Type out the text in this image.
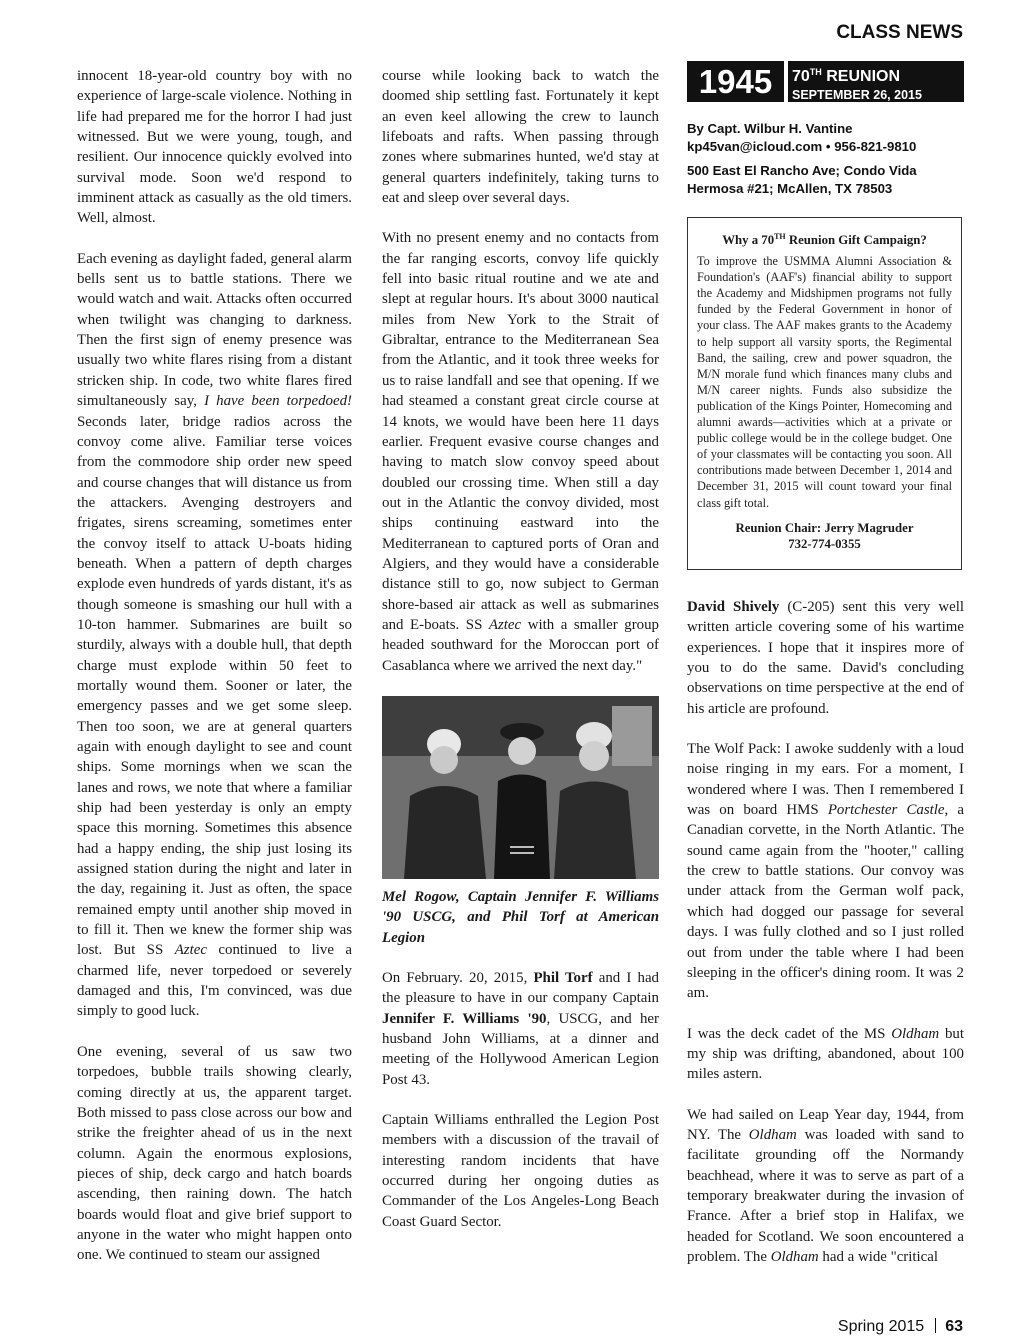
CLASS NEWS

innocent 18-year-old country boy with no experience of large-scale violence. Nothing in life had prepared me for the horror I had just witnessed. But we were young, tough, and resilient. Our innocence quickly evolved into survival mode. Soon we'd respond to imminent attack as casually as the old timers. Well, almost.

Each evening as daylight faded, general alarm bells sent us to battle stations. There we would watch and wait. Attacks often occurred when twilight was changing to darkness. Then the first sign of enemy presence was usually two white flares rising from a distant stricken ship. In code, two white flares fired simultaneously say, I have been torpedoed! Seconds later, bridge radios across the convoy come alive. Familiar terse voices from the commodore ship order new speed and course changes that will distance us from the attackers. Avenging destroyers and frigates, sirens screaming, sometimes enter the convoy itself to attack U-boats hiding beneath. When a pattern of depth charges explode even hundreds of yards distant, it's as though someone is smashing our hull with a 10-ton hammer. Submarines are built so sturdily, always with a double hull, that depth charge must explode within 50 feet to mortally wound them. Sooner or later, the emergency passes and we get some sleep. Then too soon, we are at general quarters again with enough daylight to see and count ships. Some mornings when we scan the lanes and rows, we note that where a familiar ship had been yesterday is only an empty space this morning. Sometimes this absence had a happy ending, the ship just losing its assigned station during the night and later in the day, regaining it. Just as often, the space remained empty until another ship moved in to fill it. Then we knew the former ship was lost. But SS Aztec continued to live a charmed life, never torpedoed or severely damaged and this, I'm convinced, was due simply to good luck.

One evening, several of us saw two torpedoes, bubble trails showing clearly, coming directly at us, the apparent target. Both missed to pass close across our bow and strike the freighter ahead of us in the next column. Again the enormous explosions, pieces of ship, deck cargo and hatch boards ascending, then raining down. The hatch boards would float and give brief support to anyone in the water who might happen onto one. We continued to steam our assigned

course while looking back to watch the doomed ship settling fast. Fortunately it kept an even keel allowing the crew to launch lifeboats and rafts. When passing through zones where submarines hunted, we'd stay at general quarters indefinitely, taking turns to eat and sleep over several days.

With no present enemy and no contacts from the far ranging escorts, convoy life quickly fell into basic ritual routine and we ate and slept at regular hours. It's about 3000 nautical miles from New York to the Strait of Gibraltar, entrance to the Mediterranean Sea from the Atlantic, and it took three weeks for us to raise landfall and see that opening. If we had steamed a constant great circle course at 14 knots, we would have been here 11 days earlier. Frequent evasive course changes and having to match slow convoy speed about doubled our crossing time. When still a day out in the Atlantic the convoy divided, most ships continuing eastward into the Mediterranean to captured ports of Oran and Algiers, and they would have a considerable distance still to go, now subject to German shore-based air attack as well as submarines and E-boats. SS Aztec with a smaller group headed southward for the Moroccan port of Casablanca where we arrived the next day."

Mel Rogow, Captain Jennifer F. Williams '90 USCG, and Phil Torf at American Legion

On February. 20, 2015, Phil Torf and I had the pleasure to have in our company Captain Jennifer F. Williams '90, USCG, and her husband John Williams, at a dinner and meeting of the Hollywood American Legion Post 43.

Captain Williams enthralled the Legion Post members with a discussion of the travail of interesting random incidents that have occurred during her ongoing duties as Commander of the Los Angeles-Long Beach Coast Guard Sector.

1945	70TH REUNION
SEPTEMBER 26, 2015
By Capt. Wilbur H. Vantine
kp45van@icloud.com • 956-821-9810
500 East El Rancho Ave; Condo Vida
Hermosa #21; McAllen, TX 78503
Why a 70TH Reunion Gift Campaign?
To improve the USMMA Alumni Association & Foundation's (AAF's) financial ability to support the Academy and Midshipmen programs not fully funded by the Federal Government in honor of your class. The AAF makes grants to the Academy to help support all varsity sports, the Regimental Band, the sailing, crew and power squadron, the M/N morale fund which finances many clubs and M/N career nights. Funds also subsidize the publication of the Kings Pointer, Homecoming and alumni awards—activities which at a private or public college would be in the college budget. One of your classmates will be contacting you soon. All contributions made between December 1, 2014 and December 31, 2015 will count toward your final class gift total.
Reunion Chair: Jerry Magruder
732-774-0355

David Shively (C-205) sent this very well written article covering some of his wartime experiences. I hope that it inspires more of you to do the same. David's concluding observations on time perspective at the end of his article are profound.

The Wolf Pack: I awoke suddenly with a loud noise ringing in my ears. For a moment, I wondered where I was. Then I remembered I was on board HMS Portchester Castle, a Canadian corvette, in the North Atlantic. The sound came again from the "hooter," calling the crew to battle stations. Our convoy was under attack from the German wolf pack, which had dogged our passage for several days. I was fully clothed and so I just rolled out from under the table where I had been sleeping in the officer's dining room. It was 2 am.

I was the deck cadet of the MS Oldham but my ship was drifting, abandoned, about 100 miles astern.

We had sailed on Leap Year day, 1944, from NY. The Oldham was loaded with sand to facilitate grounding off the Normandy beachhead, where it was to serve as part of a temporary breakwater during the invasion of France. After a brief stop in Halifax, we headed for Scotland. We soon encountered a problem. The Oldham had a wide "critical

Spring 2015 63
